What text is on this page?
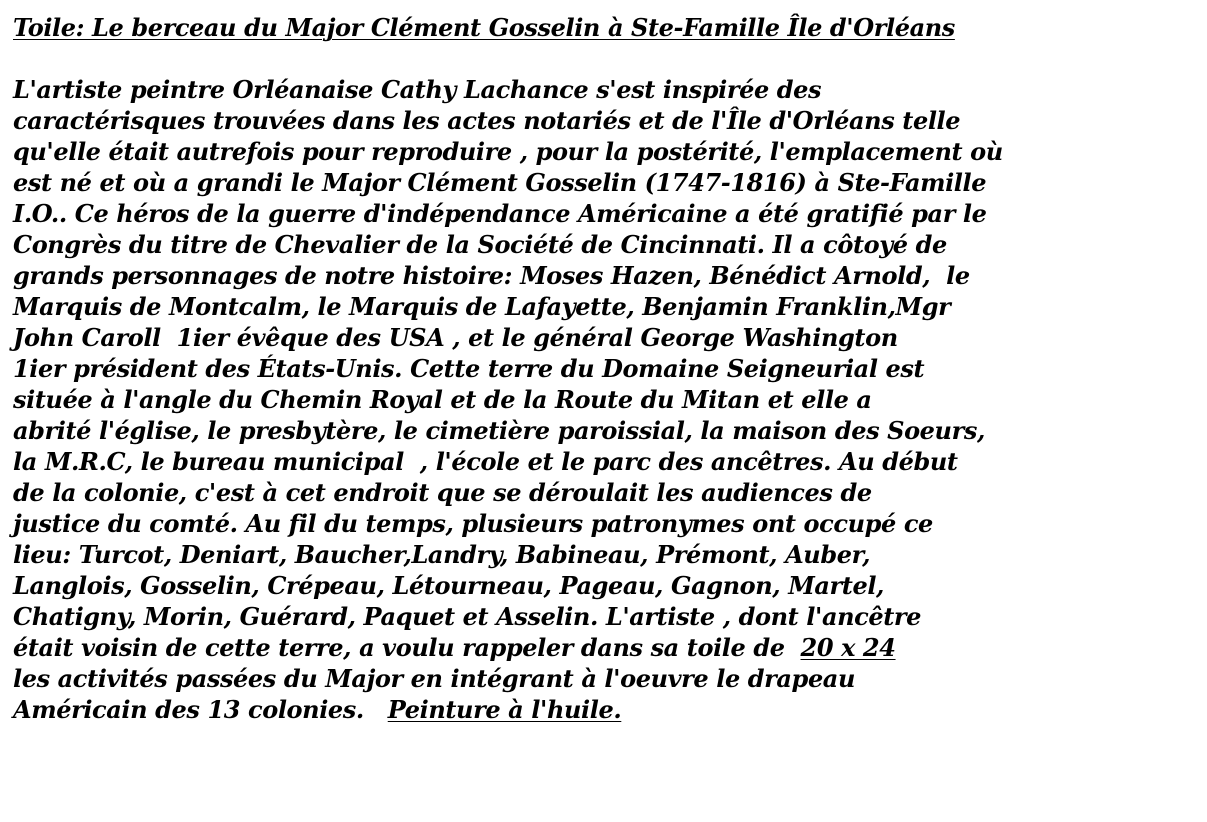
Toile: Le berceau du Major Clément Gosselin à Ste-Famille Île d'Orléans
L'artiste peintre Orléanaise Cathy Lachance s'est inspirée des
caractérisques trouvées dans les actes notariés et de l'Île d'Orléans telle
qu'elle était autrefois pour reproduire , pour la postérité, l'emplacement où
est né et où a grandi le Major Clément Gosselin (1747-1816) à Ste-Famille
I.O.. Ce héros de la guerre d'indépendance Américaine a été gratifié par le
Congrès du titre de Chevalier de la Société de Cincinnati. Il a côtoyé de
grands personnages de notre histoire: Moses Hazen, Bénédict Arnold,  le
Marquis de Montcalm, le Marquis de Lafayette, Benjamin Franklin,Mgr
John Caroll  1ier évêque des USA , et le général George Washington
1ier président des États-Unis. Cette terre du Domaine Seigneurial est
située à l'angle du Chemin Royal et de la Route du Mitan et elle a
abrité l'église, le presbytère, le cimetière paroissial, la maison des Soeurs,
la M.R.C, le bureau municipal  , l'école et le parc des ancêtres. Au début
de la colonie, c'est à cet endroit que se déroulait les audiences de
justice du comté. Au fil du temps, plusieurs patronymes ont occupé ce
lieu: Turcot, Deniart, Baucher,Landry, Babineau, Prémont, Auber,
Langlois, Gosselin, Crépeau, Létourneau, Pageau, Gagnon, Martel,
Chatigny, Morin, Guérard, Paquet et Asselin. L'artiste , dont l'ancêtre
était voisin de cette terre, a voulu rappeler dans sa toile de  20 x 24
les activités passées du Major en intégrant à l'oeuvre le drapeau
Américain des 13 colonies.   Peinture à l'huile.
